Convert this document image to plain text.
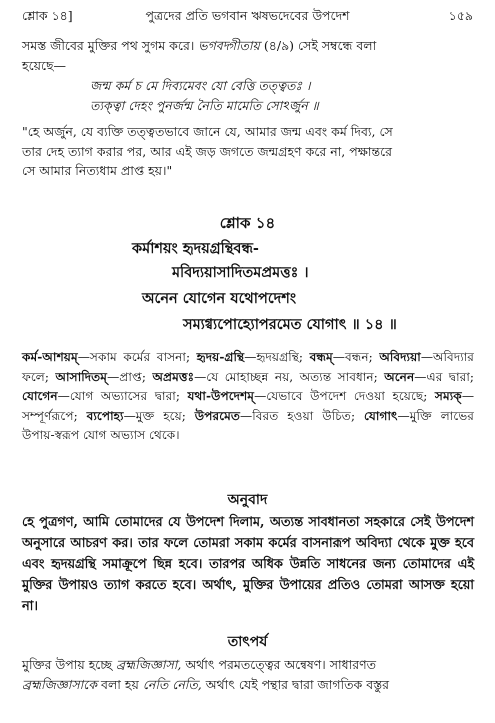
শ্লোক ১৪]	পুত্রদের প্রতি ভগবান ঋষভদেবের উপদেশ	১৫৯

সমস্ত জীবের মুক্তির পথ সুগম করে। ভগবদ্গীতায় (৪/৯) সেই সম্বন্ধে বলা

হয়েছে—

জন্ম কর্ম চ মে দিব্যমেবং যো বেত্তি তত্ত্বতঃ ।
ত্যক্ত্বা দেহং পুনর্জন্ম নৈতি মামেতি সোঽর্জুন ॥

"হে অর্জুন, যে ব্যক্তি তত্ত্বতভাবে জানে যে, আমার জন্ম এবং কর্ম দিব্য, সে

তার দেহ ত্যাগ করার পর, আর এই জড় জগতে জন্মগ্রহণ করে না, পক্ষান্তরে

সে আমার নিত্যধাম প্রাপ্ত হয়।"

শ্লোক ১৪
কর্মাশয়ং হৃদয়গ্রন্থিবন্ধ-
মবিদ্যয়াসাদিতমপ্রমত্তঃ ।
অনেন যোগেন যথোপদেশং
সম্যগ্ব্যপোহ্যোপরমেত যোগাৎ ॥ ১৪ ॥
কর্ম-আশয়ম্—সকাম কর্মের বাসনা; হৃদয়-গ্রন্থি—হৃদয়গ্রন্থি; বন্ধম্—বন্ধন; অবিদ্যয়া—অবিদ্যার ফলে; আসাদিতম্—প্রাপ্ত; অপ্রমত্তঃ—যে মোহাচ্ছন্ন নয়, অত্যন্ত সাবধান; অনেন—এর দ্বারা; যোগেন—যোগ অভ্যাসের দ্বারা; যথা-উপদেশম্—যেভাবে উপদেশ দেওয়া হয়েছে; সম্যক্—সম্পূর্ণরূপে; ব্যপোহ্য—মুক্ত হয়ে; উপরমেত—বিরত হওয়া উচিত; যোগাৎ—মুক্তি লাভের উপায়-স্বরূপ যোগ অভ্যাস থেকে।
অনুবাদ
হে পুত্রগণ, আমি তোমাদের যে উপদেশ দিলাম, অত্যন্ত সাবধানতা সহকারে সেই উপদেশ অনুসারে আচরণ কর। তার ফলে তোমরা সকাম কর্মের বাসনারূপ অবিদ্যা থেকে মুক্ত হবে এবং হৃদয়গ্রন্থি সমাক্রূপে ছিন্ন হবে। তারপর অধিক উন্নতি সাধনের জন্য তোমাদের এই মুক্তির উপায়ও ত্যাগ করতে হবে। অর্থাৎ, মুক্তির উপায়ের প্রতিও তোমরা আসক্ত হয়ো না।
তাৎপর্য
মুক্তির উপায় হচ্ছে ব্রহ্মজিজ্ঞাসা, অর্থাৎ পরমতত্ত্বের অন্বেষণ। সাধারণত
ব্রহ্মজিজ্ঞাসাকে বলা হয় নেতি নেতি, অর্থাৎ যেই পন্থার দ্বারা জাগতিক বস্তুর
